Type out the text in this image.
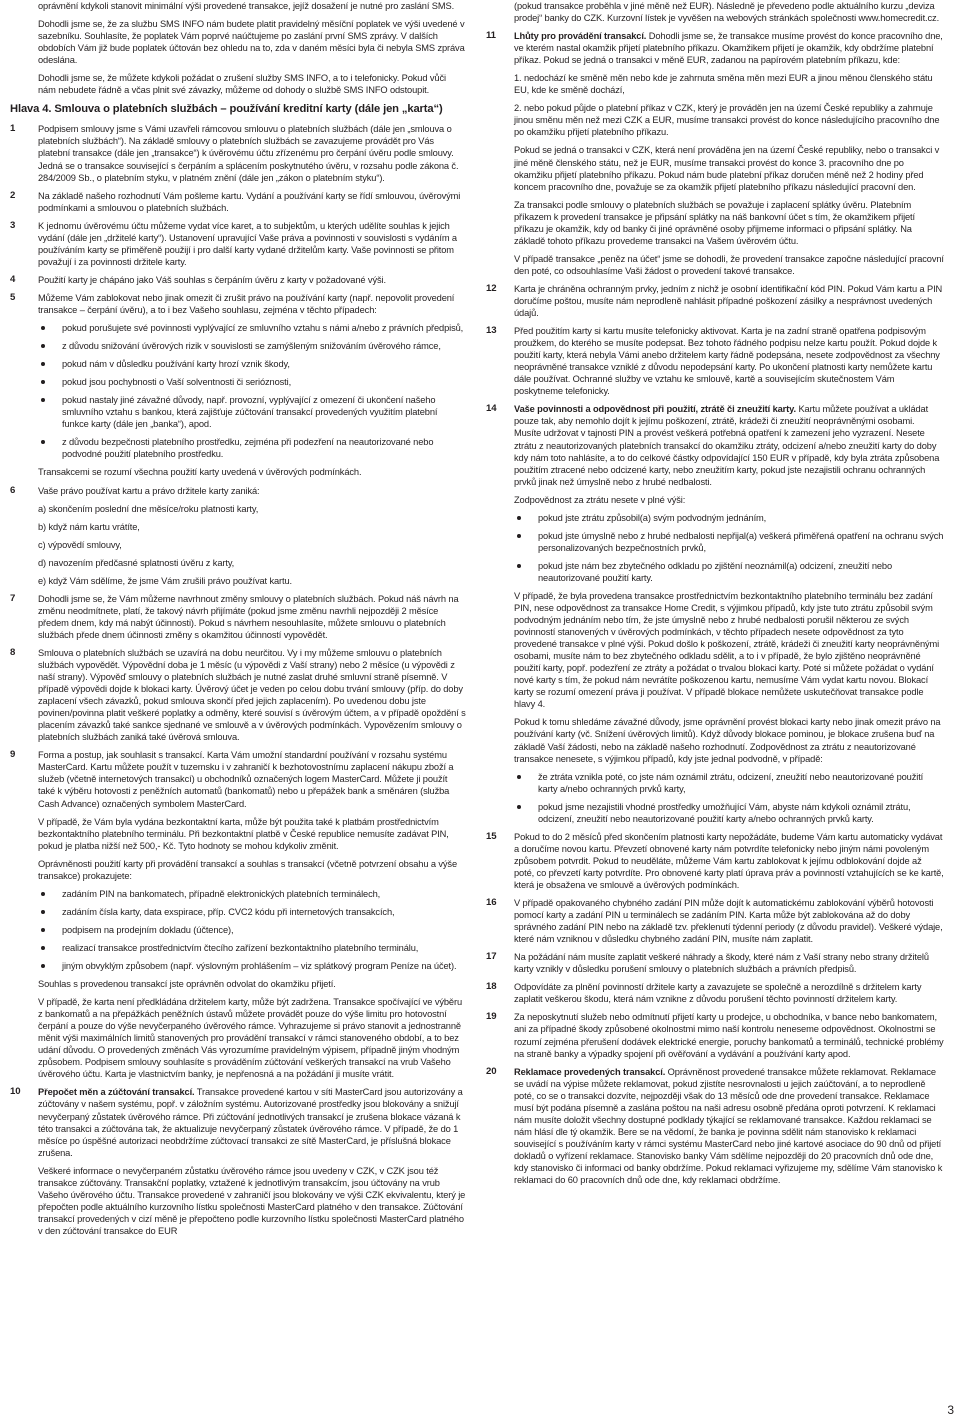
oprávnění kdykoli stanovit minimální výši provedené transakce, jejíž dosažení je nutné pro zaslání SMS.

Dohodli jsme se, že za službu SMS INFO nám budete platit pravidelný měsíční poplatek ve výši uvedené v sazebníku. Souhlasíte, že poplatek Vám poprvé naúčtujeme po zaslání první SMS zprávy. V dalších obdobích Vám již bude poplatek účtován bez ohledu na to, zda v daném měsíci byla či nebyla SMS zpráva odeslána.

Dohodli jsme se, že můžete kdykoli požádat o zrušení služby SMS INFO, a to i telefonicky. Pokud vůči nám nebudete řádně a včas plnit své závazky, můžeme od dohody o službě SMS INFO odstoupit.

Hlava 4. Smlouva o platebních službách – používání kreditní karty (dále jen „karta“)
1 Podpisem smlouvy jsme s Vámi uzavřeli rámcovou smlouvu o platebních službách (dále jen „smlouva o platebních službách“). Na základě smlouvy o platebních službách se zavazujeme provádět pro Vás platební transakce (dále jen „transakce“) k úvěrovému účtu zřízenému pro čerpání úvěru podle smlouvy. Jedná se o transakce související s čerpáním a splácením poskytnutého úvěru, v rozsahu podle zákona č. 284/2009 Sb., o platebním styku, v platném znění (dále jen „zákon o platebním styku“).

2 Na základě našeho rozhodnutí Vám pošleme kartu. Vydání a používání karty se řídí smlouvou, úvěrovými podmínkami a smlouvou o platebních službách.

3 K jednomu úvěrovému účtu můžeme vydat více karet, a to subjektům, u kterých udělíte souhlas k jejich vydání (dále jen „držitelé karty“). Ustanovení upravující Vaše práva a povinnosti v souvislosti s vydáním a používáním karty se přiměřeně použijí i pro další karty vydané držitelům karty. Vaše povinnosti se přitom považují i za povinnosti držitele karty.

4 Použití karty je chápáno jako Váš souhlas s čerpáním úvěru z karty v požadované výši.

5 Můžeme Vám zablokovat nebo jinak omezit či zrušit právo na používání karty (např. nepovolit provedení transakce – čerpání úvěru), a to i bez Vašeho souhlasu, zejména v těchto případech:

pokud porušujete své povinnosti vyplývající ze smluvního vztahu s námi a/nebo z právních předpisů,
z důvodu snižování úvěrových rizik v souvislosti se zamýšleným snižováním úvěrového rámce,
pokud nám v důsledku používání karty hrozí vznik škody,
pokud jsou pochybnosti o Vaší solventnosti či serióznosti,
pokud nastaly jiné závažné důvody, např. provozní, vyplývající z omezení či ukončení našeho smluvního vztahu s bankou, která zajišťuje zúčtování transakcí provedených využitím platební funkce karty (dále jen „banka“), apod.
z důvodu bezpečnosti platebního prostředku, zejména při podezření na neautorizované nebo podvodné použití platebního prostředku.

Transakcemi se rozumí všechna použití karty uvedená v úvěrových podmínkách.

6 Vaše právo používat kartu a právo držitele karty zaniká:

a) skončením poslední dne měsíce/roku platnosti karty,

b) když nám kartu vrátíte,

c) výpovědí smlouvy,

d) navozením předčasné splatnosti úvěru z karty,

e) když Vám sdělíme, že jsme Vám zrušili právo používat kartu.

7 Dohodli jsme se, že Vám můžeme navrhnout změny smlouvy o platebních službách. Pokud náš návrh na změnu neodmítnete, platí, že takový návrh přijímáte (pokud jsme změnu navrhli nejpozději 2 měsíce předem dnem, kdy má nabýt účinnosti). Pokud s návrhem nesouhlasíte, můžete smlouvu o platebních službách přede dnem účinnosti změny s okamžitou účinností vypovědět.

8 Smlouva o platebních službách se uzavírá na dobu neurčitou. Vy i my můžeme smlouvu o platebních službách vypovědět. Výpovědní doba je 1 měsíc (u výpovědi z Vaší strany) nebo 2 měsíce (u výpovědi z naší strany). Výpověď smlouvy o platebních službách je nutné zaslat druhé smluvní straně písemně. V případě výpovědi dojde k blokaci karty. Úvěrový účet je veden po celou dobu trvání smlouvy (příp. do doby zaplacení všech závazků, pokud smlouva skončí před jejich zaplacením). Po uvedenou dobu jste povinen/povinna platit veškeré poplatky a odměny, které souvisí s úvěrovým účtem, a v případě opoždění s placením závazků také sankce sjednané ve smlouvě a v úvěrových podmínkách. Vypovězením smlouvy o platebních službách zaniká také úvěrová smlouva.

9 Forma a postup, jak souhlasit s transakcí. Karta Vám umožní standardní používání v rozsahu systému MasterCard. Kartu můžete použít v tuzemsku i v zahraničí k bezhotovostnímu zaplacení nákupu zboží a služeb (včetně internetových transakcí) u obchodníků označených logem MasterCard. Můžete ji použít také k výběru hotovosti z peněžních automatů (bankomatů) nebo u přepážek bank a směnáren (služba Cash Advance) označených symbolem MasterCard.

V případě, že Vám byla vydána bezkontaktní karta, může být použita také k platbám prostřednictvím bezkontaktního platebního terminálu. Při bezkontaktní platbě v České republice nemusíte zadávat PIN, pokud je platba nižší než 500,- Kč. Tyto hodnoty se mohou kdykoliv změnit.

Oprávněnosti použití karty při provádění transakcí a souhlas s transakcí (včetně potvrzení obsahu a výše transakce) prokazujete:

zadáním PIN na bankomatech, případně elektronických platebních terminálech,
zadáním čísla karty, data exspirace, příp. CVC2 kódu při internetových transakcích,
podpisem na prodejním dokladu (účtence),
realizací transakce prostřednictvím čtecího zařízení bezkontaktního platebního terminálu,
jiným obvyklým způsobem (např. výslovným prohlášením – viz splátkový program Peníze na účet).

Souhlas s provedenou transakcí jste oprávněn odvolat do okamžiku přijetí.

V případě, že karta není předkládána držitelem karty, může být zadržena. Transakce spočívající ve výběru z bankomatů a na přepážkách peněžních ústavů můžete provádět pouze do výše limitu pro hotovostní čerpání a pouze do výše nevyčerpaného úvěrového rámce. Vyhrazujeme si právo stanovit a jednostranně měnit výši maximálních limitů stanovených pro provádění transakcí v rámci stanoveného období, a to bez udání důvodu. O provedených změnách Vás vyrozumíme pravidelným výpisem, případně jiným vhodným způsobem. Podpisem smlouvy souhlasíte s prováděním zúčtování veškerých transakcí na vrub Vašeho úvěrového účtu. Karta je vlastnictvím banky, je nepřenosná a na požádání ji musíte vrátit.

10 Přepočet měn a zúčtování transakcí. Transakce provedené kartou v síti MasterCard jsou autorizovány a zúčtovány v našem systému, popř. v záložním systému. Autorizované prostředky jsou blokovány a snižují nevyčerpaný zůstatek úvěrového rámce. Při zúčtování jednotlivých transakcí je zrušena blokace vázaná k této transakci a zúčtována tak, že aktualizuje nevyčerpaný zůstatek úvěrového rámce. V případě, že do 1 měsíce po úspěšné autorizaci neobdržíme zúčtovací transakci ze sítě MasterCard, je příslušná blokace zrušena.

Veškeré informace o nevyčerpaném zůstatku úvěrového rámce jsou uvedeny v CZK, v CZK jsou též transakce zúčtovány. Transakční poplatky, vztažené k jednotlivým transakcím, jsou účtovány na vrub Vašeho úvěrového účtu. Transakce provedené v zahraničí jsou blokovány ve výši CZK ekvivalentu, který je přepočten podle aktuálního kurzovního lístku společnosti MasterCard platného v den transakce. Zúčtování transakcí provedených v cizí měně je přepočteno podle kurzovního lístku společnosti MasterCard platného v den zúčtování transakce do EUR

(pokud transakce proběhla v jiné měně než EUR). Následně je převedeno podle aktuálního kurzu „deviza prodej“ banky do CZK. Kurzovní lístek je vyvěšen na webových stránkách společnosti www.homecredit.cz.

11 Lhůty pro provádění transakcí. Dohodli jsme se, že transakce musíme provést do konce pracovního dne, ve kterém nastal okamžik přijetí platebního příkazu. Okamžikem přijetí je okamžik, kdy obdržíme platební příkaz. Pokud se jedná o transakci v měně EUR, zadanou na papírovém platebním příkazu, kde:

1. nedochází ke směně měn nebo kde je zahrnuta směna měn mezi EUR a jinou měnou členského státu EU, kde ke směně dochází,

2. nebo pokud půjde o platební příkaz v CZK, který je prováděn jen na území České republiky a zahrnuje jinou směnu měn než mezi CZK a EUR, musíme transakci provést do konce následujícího pracovního dne po okamžiku přijetí platebního příkazu.

Pokud se jedná o transakci v CZK, která není prováděna jen na území České republiky, nebo o transakci v jiné měně členského státu, než je EUR, musíme transakci provést do konce 3. pracovního dne po okamžiku přijetí platebního příkazu. Pokud nám bude platební příkaz doručen méně než 2 hodiny před koncem pracovního dne, považuje se za okamžik přijetí platebního příkazu následující pracovní den.

Za transakci podle smlouvy o platebních službách se považuje i zaplacení splátky úvěru. Platebním příkazem k provedení transakce je připsání splátky na náš bankovní účet s tím, že okamžikem přijetí příkazu je okamžik, kdy od banky či jiné oprávněné osoby přijmeme informaci o připsání splátky. Na základě tohoto příkazu provedeme transakci na Vašem úvěrovém účtu.

V případě transakce „peněz na účet“ jsme se dohodli, že provedení transakce započne následující pracovní den poté, co odsouhlasíme Vaši žádost o provedení takové transakce.

12 Karta je chráněna ochranným prvky, jedním z nichž je osobní identifikační kód PIN. Pokud Vám kartu a PIN doručíme poštou, musíte nám neprodleně nahlásit případné poškození zásilky a nesprávnost uvedených údajů.

13 Před použitím karty si kartu musíte telefonicky aktivovat. Karta je na zadní straně opatřena podpisovým proužkem, do kterého se musíte podepsat. Bez tohoto řádného podpisu nelze kartu použít. Pokud dojde k použití karty, která nebyla Vámi anebo držitelem karty řádně podepsána, nesete zodpovědnost za všechny neoprávněné transakce vzniklé z důvodu nepodepsání karty. Po ukončení platnosti karty nemůžete kartu dále používat. Ochranné služby ve vztahu ke smlouvě, kartě a souvisejícím skutečnostem Vám poskytneme telefonicky.

14 Vaše povinnosti a odpovědnost při použití, ztrátě či zneužití karty. Kartu můžete používat a ukládat pouze tak, aby nemohlo dojít k jejímu poškození, ztrátě, krádeži či zneužití neoprávněnými osobami. Musíte udržovat v tajnosti PIN a provést veškerá potřebná opatření k zamezení jeho vyzrazení. Nesete ztrátu z neautorizovaných platebních transakcí do okamžiku ztráty, odcizení a/nebo zneužití karty do doby kdy nám toto nahlásíte, a to do celkové částky odpovídající 150 EUR v případě, kdy byla ztráta způsobena použitím ztracené nebo odcizené karty, nebo zneužitím karty, pokud jste nezajistili ochranu ochranných prvků jinak než úmyslně nebo z hrubé nedbalosti.

Zodpovědnost za ztrátu nesete v plné výši:

pokud jste ztrátu způsobil(a) svým podvodným jednáním,
pokud jste úmyslně nebo z hrubé nedbalosti nepřijal(a) veškerá přiměřená opatření na ochranu svých personalizovaných bezpečnostních prvků,
pokud jste nám bez zbytečného odkladu po zjištění neoznámil(a) odcizení, zneužití nebo neautorizované použití karty.

V případě, že byla provedena transakce prostřednictvím bezkontaktního platebního terminálu bez zadání PIN, nese odpovědnost za transakce Home Credit, s výjimkou případů, kdy jste tuto ztrátu způsobil svým podvodným jednáním nebo tím, že jste úmyslně nebo z hrubé nedbalosti porušil některou ze svých povinností stanovených v úvěrových podmínkách, v těchto případech nesete odpovědnost za tyto provedené transakce v plné výši. Pokud došlo k poškození, ztrátě, krádeži či zneužití karty neoprávněnými osobami, musíte nám to bez zbytečného odkladu sdělit, a to i v případě, že bylo zjištěno neoprávněné použití karty, popř. podezření ze ztráty a požádat o trvalou blokaci karty. Poté si můžete požádat o vydání nové karty s tím, že pokud nám nevrátíte poškozenou kartu, nemusíme Vám vydat kartu novou. Blokací karty se rozumí omezení práva ji používat. V případě blokace nemůžete uskutečňovat transakce podle hlavy 4.

Pokud k tomu shledáme závažné důvody, jsme oprávnění provést blokaci karty nebo jinak omezit právo na používání karty (vč. Snížení úvěrových limitů). Když důvody blokace pominou, je blokace zrušena buď na základě Vaší žádosti, nebo na základě našeho rozhodnutí. Zodpovědnost za ztrátu z neautorizované transakce nenesete, s výjimkou případů, kdy jste jednal podvodně, v případě:

že ztráta vznikla poté, co jste nám oznámil ztrátu, odcizení, zneužití nebo neautorizované použití karty a/nebo ochranných prvků karty,
pokud jsme nezajistili vhodné prostředky umožňující Vám, abyste nám kdykoli oznámil ztrátu, odcizení, zneužití nebo neautorizované použití karty a/nebo ochranných prvků karty.
15 Pokud to do 2 měsíců před skončením platnosti karty nepožádáte, budeme Vám kartu automaticky vydávat a doručíme novou kartu. Převzetí obnovené karty nám potvrdíte telefonicky nebo jiným námi povoleným způsobem potvrdit. Pokud to neuděláte, můžeme Vám kartu zablokovat k jejímu odblokování dojde až poté, co převzetí karty potvrdíte. Pro obnovené karty platí úprava práv a povinností vztahujících se ke kartě, která je obsažena ve smlouvě a úvěrových podmínkách.

16 V případě opakovaného chybného zadání PIN může dojít k automatickému zablokování výběrů hotovosti pomocí karty a zadání PIN u terminálech se zadáním PIN. Karta může být zablokována až do doby správného zadání PIN nebo na základě tzv. překlenutí týdenní periody (z důvodu pravidel). Veškeré výdaje, které nám vzniknou v důsledku chybného zadání PIN, musíte nám zaplatit.

17 Na požádání nám musíte zaplatit veškeré náhrady a škody, které nám z Vaší strany nebo strany držitelů karty vznikly v důsledku porušení smlouvy o platebních službách a právních předpisů.

18 Odpovídáte za plnění povinností držitele karty a zavazujete se společně a nerozdílně s držitelem karty zaplatit veškerou škodu, která nám vznikne z důvodu porušení těchto povinností držitelem karty.

19 Za neposkytnutí služeb nebo odmítnutí přijetí karty u prodejce, u obchodníka, v bance nebo bankomatem, ani za případné škody způsobené okolnostmi mimo naší kontrolu neneseme odpovědnost. Okolnostmi se rozumí zejména přerušení dodávek elektrické energie, poruchy bankomatů a terminálů, technické problémy na straně banky a výpadky spojení při ověřování a vydávání a používání karty apod.

20 Reklamace provedených transakcí. Oprávněnost provedené transakce můžete reklamovat. Reklamace se uvádí na výpise můžete reklamovat, pokud zjistíte nesrovnalosti u jejich zaúčtování, a to neprodleně poté, co se o transakci dozvíte, nejpozději však do 13 měsíců ode dne provedení transakce. Reklamace musí být podána písemně a zaslána poštou na naši adresu osobně předána oproti potvrzení. K reklamaci nám musíte doložit všechny dostupné podklady týkající se reklamované transakce. Každou reklamaci se nám hlásí dle tý okamžik. Bere se na vědomí, že banka je povinna sdělit nám stanovisko k reklamaci související s používáním karty v rámci systému MasterCard nebo jiné kartové asociace do 90 dnů od přijetí dokladů o vyřízení reklamace. Stanovisko banky Vám sdělíme nejpozději do 20 pracovních dnů ode dne, kdy stanovisko či informaci od banky obdržíme. Pokud reklamaci vyřizujeme my, sdělíme Vám stanovisko k reklamaci do 60 pracovních dnů ode dne, kdy reklamaci obdržíme.

3
